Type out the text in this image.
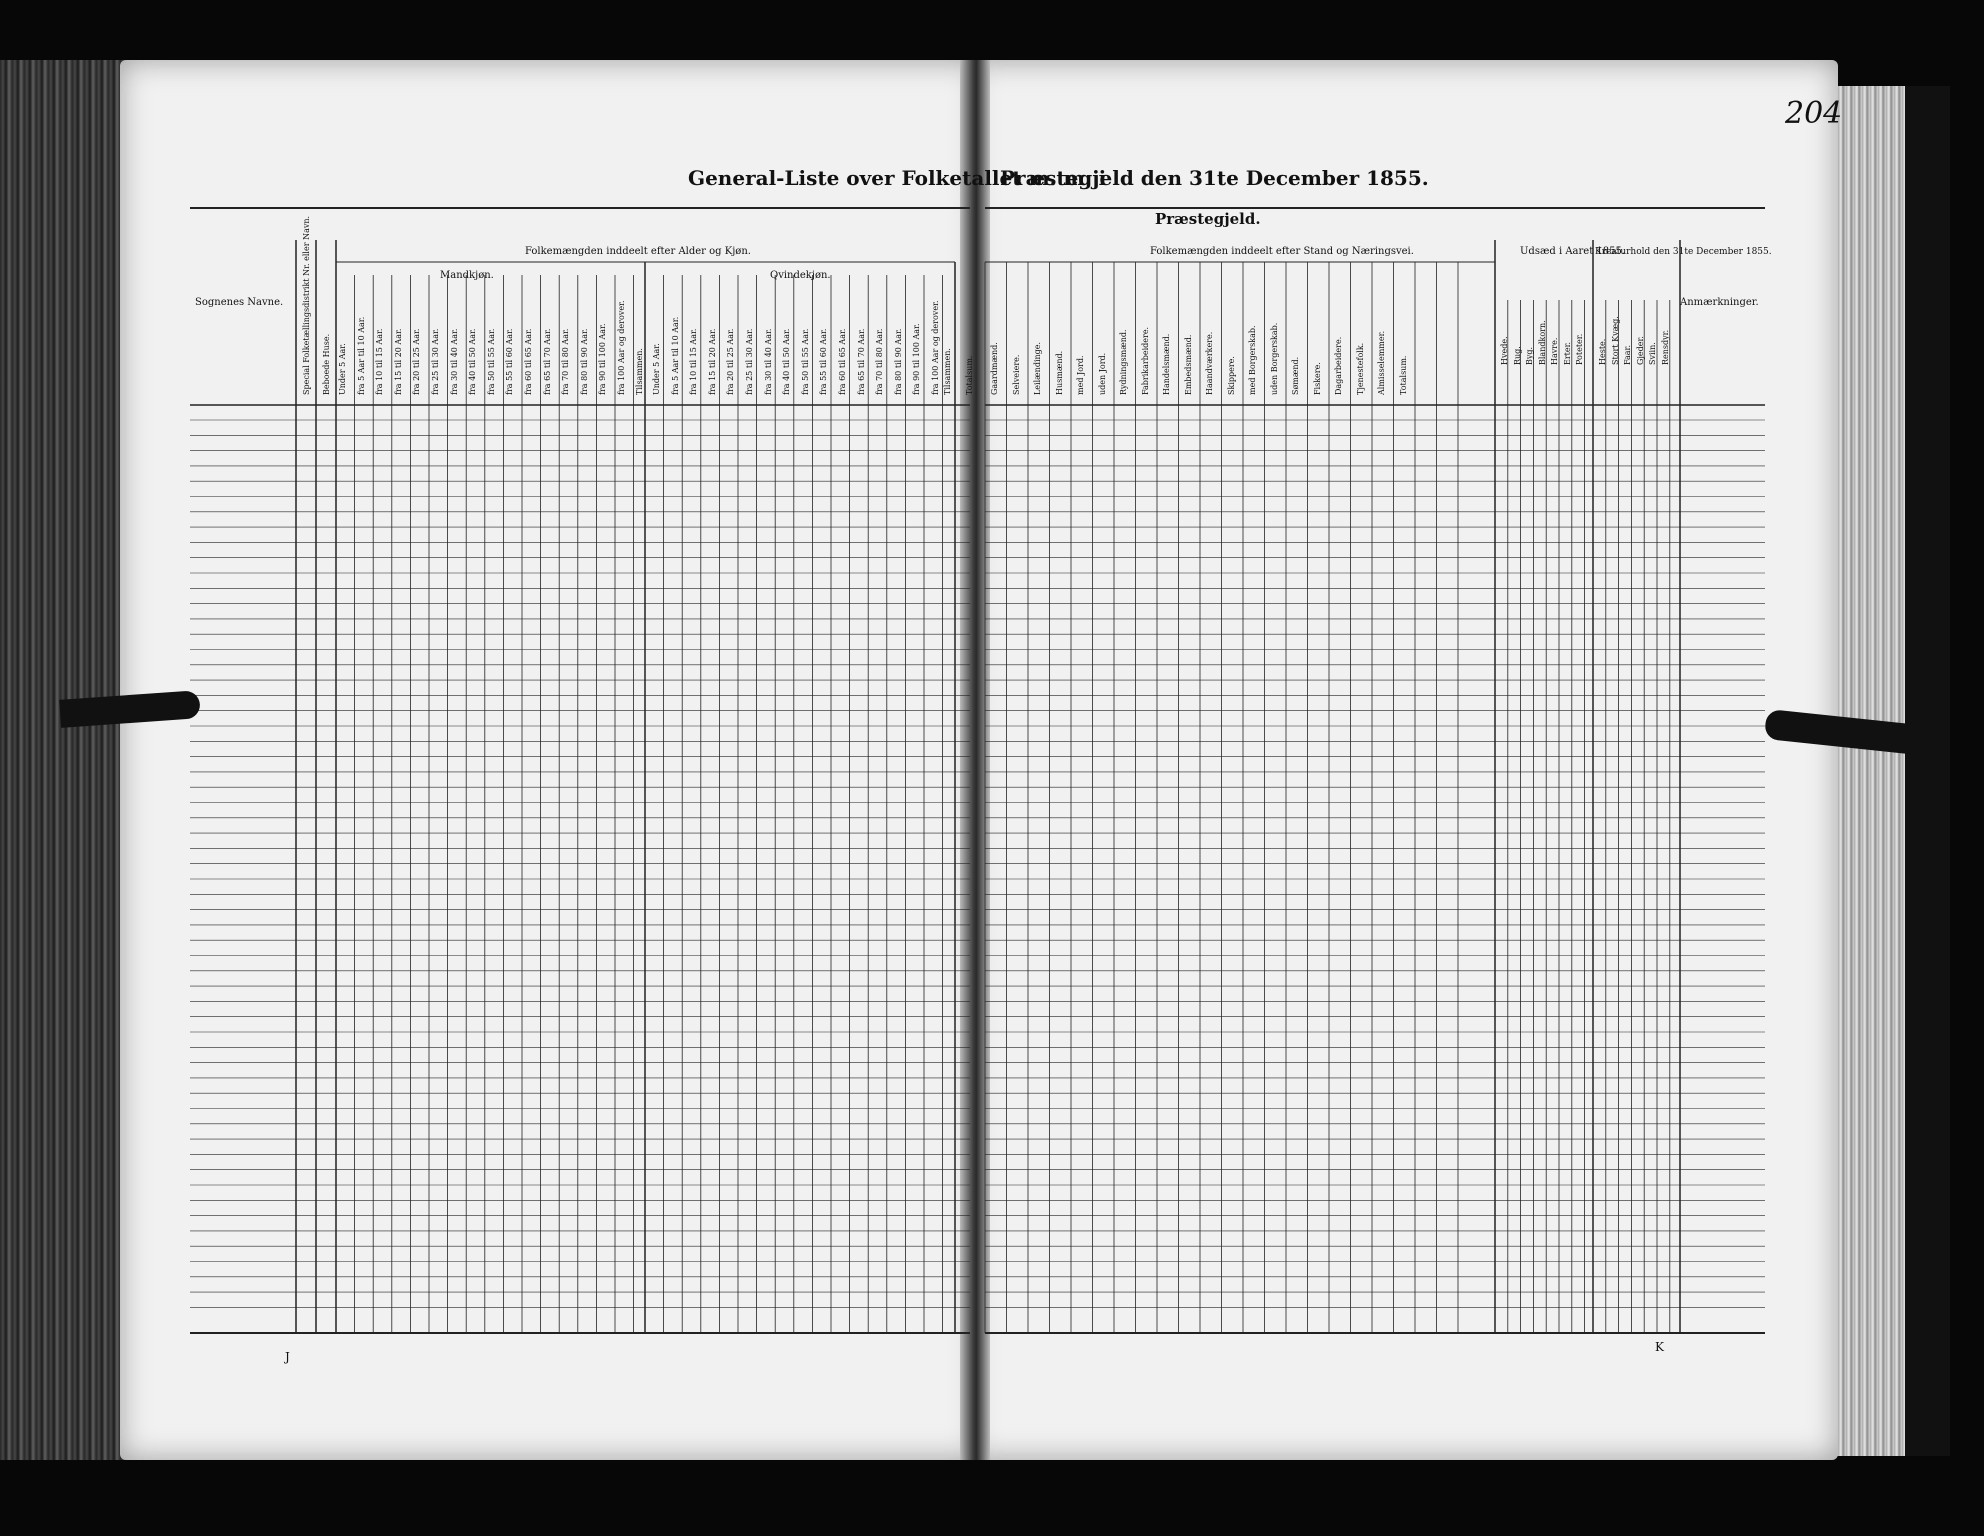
General-Liste over Folketallet m. m. i
Præstegjeld den 31te December 1855.
204
Præstegjeld.
Sognenes Navne. Special Folketællingsdistrikt Nr. eller Navn. Beboede Huse.
Folkemængden inddeelt efter Alder og Kjøn.
Mandkjøn.	Qvindekjøn.
Under 5 Aar. fra 5 Aar til 10 Aar. fra 10 til 15 Aar. fra 15 til 20 Aar. fra 20 til 25 Aar. fra 25 til 30 Aar. fra 30 til 40 Aar. fra 40 til 50 Aar. fra 50 til 55 Aar. fra 55 til 60 Aar. fra 60 til 65 Aar. fra 65 til 70 Aar. fra 70 til 80 Aar. fra 80 til 90 Aar. fra 90 til 100 Aar. fra 100 Aar og derover.	Under 5 Aar. fra 5 Aar til 10 Aar. fra 10 til 15 Aar. fra 15 til 20 Aar. fra 20 til 25 Aar. fra 25 til 30 Aar. fra 30 til 40 Aar. fra 40 til 50 Aar. fra 50 til 55 Aar. fra 55 til 60 Aar. fra 60 til 65 Aar. fra 65 til 70 Aar. fra 70 til 80 Aar. fra 80 til 90 Aar. fra 90 til 100 Aar. fra 100 Aar og derover.
Tilsammen.	Tilsammen. Totalsum.
Folkemængden inddeelt efter Stand og Næringsvei.
Gaardmænd. Selveiere. Leilændinge. Husmænd. med Jord. uden Jord. Rydningsmænd. Fabrikarbeidere. Handelsmænd. Embedsmænd. Haandværkere. Skippere. med Borgerskab. uden Borgerskab. Sømænd. Fiskere. Dagarbeidere. Tjenestefolk. Almisselemmer. Totalsum.
Udsæd i Aaret 1855.
Hvede. Rug. Byg. Blandkorn. Havre. Erter. Poteter.
Kreaturhold den 31te December 1855.
Heste. Stort Kvæg. Faar. Gjeder. Sviin. Rensdyr.
Anmærkninger.
J
K
